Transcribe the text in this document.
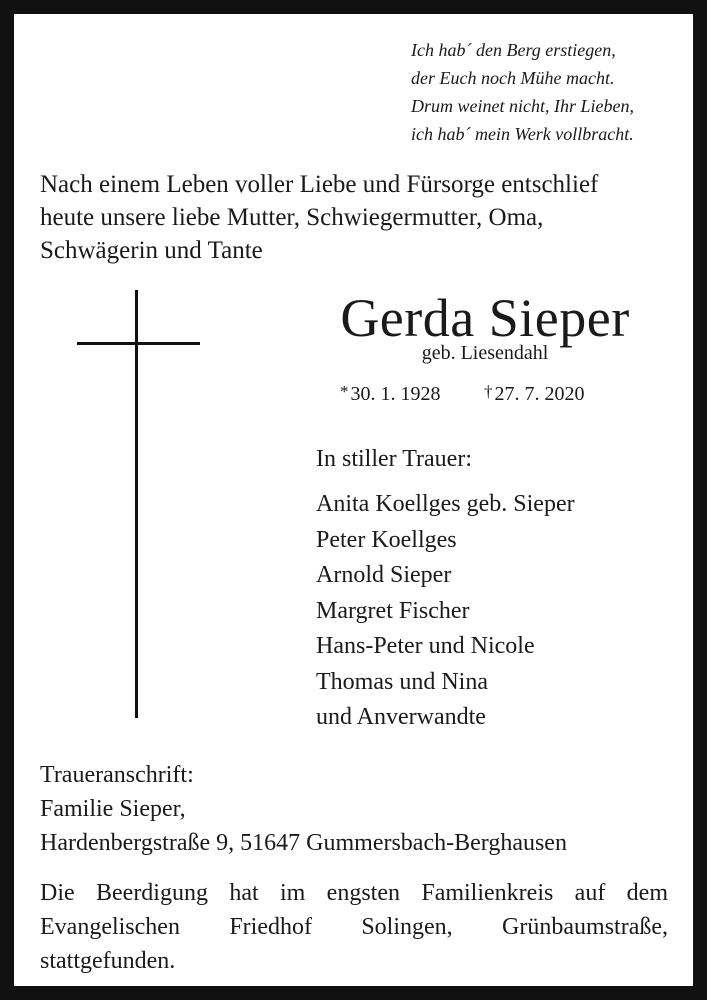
Ich hab´ den Berg erstiegen,
der Euch noch Mühe macht.
Drum weinet nicht, Ihr Lieben,
ich hab´ mein Werk vollbracht.
Nach einem Leben voller Liebe und Fürsorge entschlief
heute unsere liebe Mutter, Schwiegermutter, Oma,
Schwägerin und Tante
Gerda Sieper
geb. Liesendahl
* 30. 1. 1928	† 27. 7. 2020
In stiller Trauer:
Anita Koellges geb. Sieper
Peter Koellges
Arnold Sieper
Margret Fischer
Hans-Peter und Nicole
Thomas und Nina
und Anverwandte
Traueranschrift:
Familie Sieper,
Hardenbergstraße 9, 51647 Gummersbach-Berghausen
Die Beerdigung hat im engsten Familienkreis auf dem
Evangelischen Friedhof Solingen, Grünbaumstraße,
stattgefunden.
